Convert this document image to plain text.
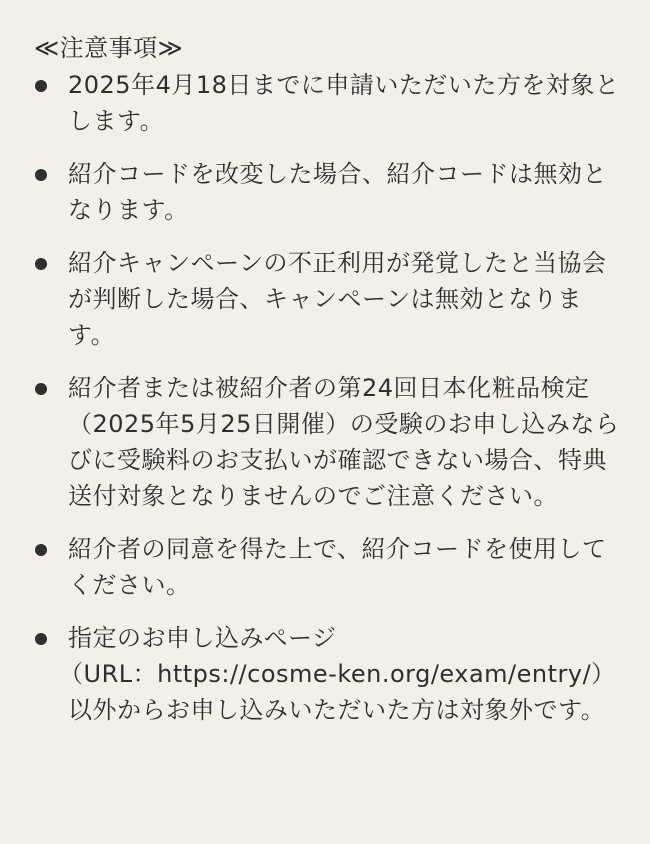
≪注意事項≫
2025年4月18日までに申請いただいた方を対象とします。
紹介コードを改変した場合、紹介コードは無効となります。
紹介キャンペーンの不正利用が発覚したと当協会が判断した場合、キャンペーンは無効となります。
紹介者または被紹介者の第24回日本化粧品検定（2025年5月25日開催）の受験のお申し込みならびに受験料のお支払いが確認できない場合、特典送付対象となりませんのでご注意ください。
紹介者の同意を得た上で、紹介コードを使用してください。
指定のお申し込みページ
（URL：https://cosme-ken.org/exam/entry/）
以外からお申し込みいただいた方は対象外です。
